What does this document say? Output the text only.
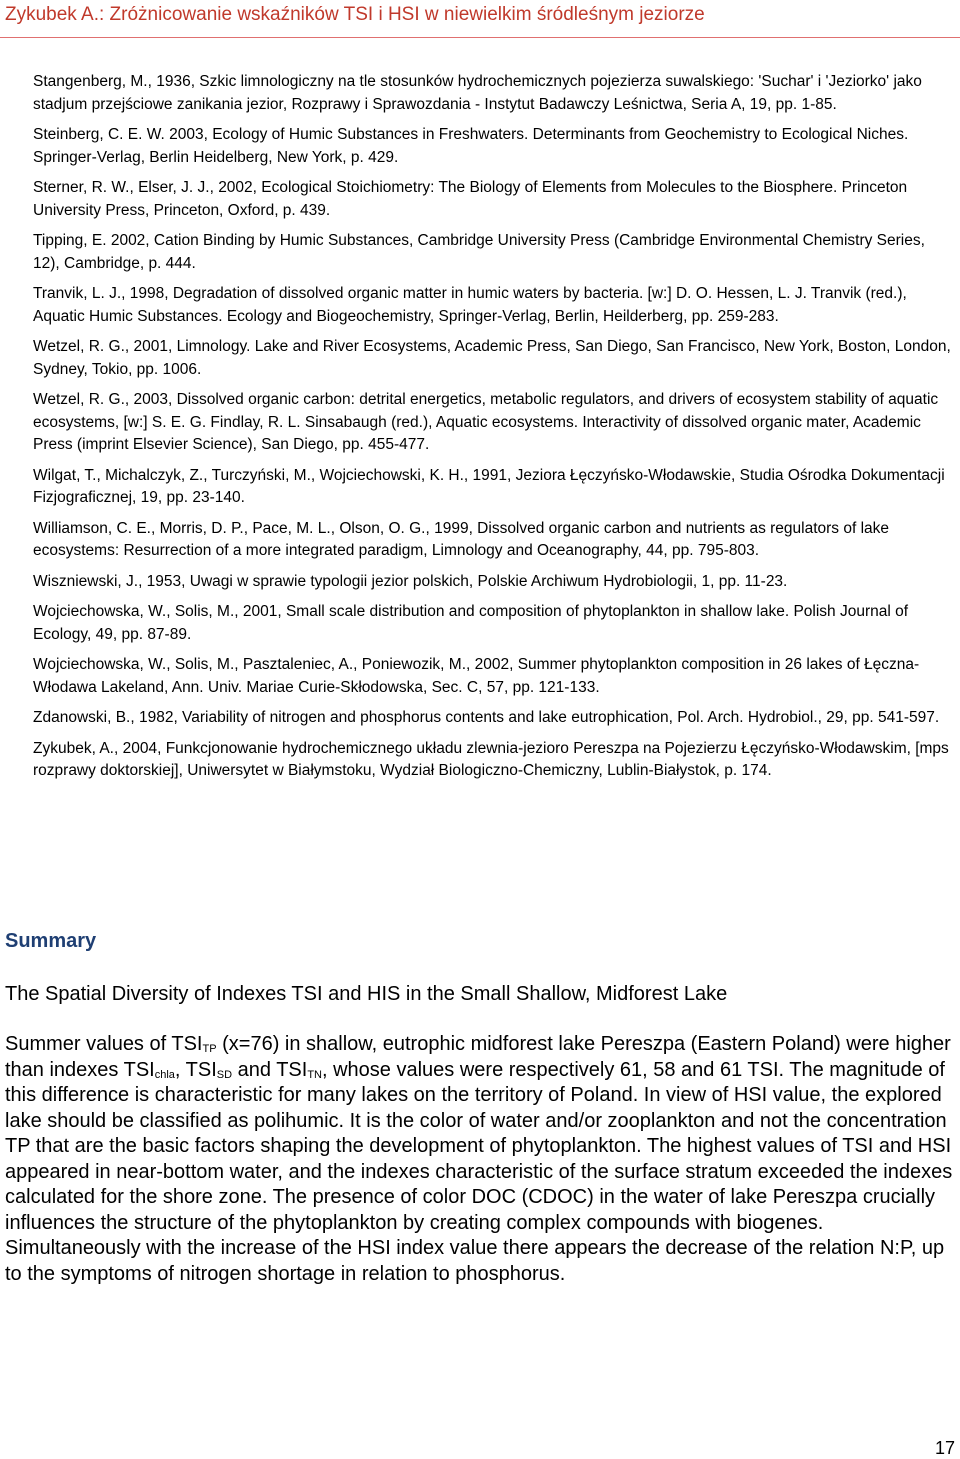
Zykubek A.: Zróżnicowanie wskaźników TSI i HSI w niewielkim śródleśnym jeziorze

Stangenberg, M., 1936, Szkic limnologiczny na tle stosunków hydrochemicznych pojezierza suwalskiego: 'Suchar' i 'Jeziorko' jako stadjum przejściowe zanikania jezior, Rozprawy i Sprawozdania - Instytut Badawczy Leśnictwa, Seria A, 19, pp. 1-85.

Steinberg, C. E. W. 2003, Ecology of Humic Substances in Freshwaters. Determinants from Geochemistry to Ecological Niches. Springer-Verlag, Berlin Heidelberg, New York, p. 429.

Sterner, R. W., Elser, J. J., 2002, Ecological Stoichiometry: The Biology of Elements from Molecules to the Biosphere. Princeton University Press, Princeton, Oxford, p. 439.

Tipping, E. 2002, Cation Binding by Humic Substances, Cambridge University Press (Cambridge Environmental Chemistry Series, 12), Cambridge, p. 444.

Tranvik, L. J., 1998, Degradation of dissolved organic matter in humic waters by bacteria. [w:] D. O. Hessen, L. J. Tranvik (red.), Aquatic Humic Substances. Ecology and Biogeochemistry, Springer-Verlag, Berlin, Heilderberg, pp. 259-283.

Wetzel, R. G., 2001, Limnology. Lake and River Ecosystems, Academic Press, San Diego, San Francisco, New York, Boston, London, Sydney, Tokio, pp. 1006.

Wetzel, R. G., 2003, Dissolved organic carbon: detrital energetics, metabolic regulators, and drivers of ecosystem stability of aquatic ecosystems, [w:] S. E. G. Findlay, R. L. Sinsabaugh (red.), Aquatic ecosystems. Interactivity of dissolved organic mater, Academic Press (imprint Elsevier Science), San Diego, pp. 455-477.

Wilgat, T., Michalczyk, Z., Turczyński, M., Wojciechowski, K. H., 1991, Jeziora Łęczyńsko-Włodawskie, Studia Ośrodka Dokumentacji Fizjograficznej, 19, pp. 23-140.

Williamson, C. E., Morris, D. P., Pace, M. L., Olson, O. G., 1999, Dissolved organic carbon and nutrients as regulators of lake ecosystems: Resurrection of a more integrated paradigm, Limnology and Oceanography, 44, pp. 795-803.

Wiszniewski, J., 1953, Uwagi w sprawie typologii jezior polskich, Polskie Archiwum Hydrobiologii, 1, pp. 11-23.

Wojciechowska, W., Solis, M., 2001, Small scale distribution and composition of phytoplankton in shallow lake. Polish Journal of Ecology, 49, pp. 87-89.

Wojciechowska, W., Solis, M., Pasztaleniec, A., Poniewozik, M., 2002, Summer phytoplankton composition in 26 lakes of Łęczna-Włodawa Lakeland, Ann. Univ. Mariae Curie-Skłodowska, Sec. C, 57, pp. 121-133.

Zdanowski, B., 1982, Variability of nitrogen and phosphorus contents and lake eutrophication, Pol. Arch. Hydrobiol., 29, pp. 541-597.

Zykubek, A., 2004, Funkcjonowanie hydrochemicznego układu zlewnia-jezioro Pereszpa na Pojezierzu Łęczyńsko-Włodawskim, [mps rozprawy doktorskiej], Uniwersytet w Białymstoku, Wydział Biologiczno-Chemiczny, Lublin-Białystok, p. 174.

Summary

The Spatial Diversity of Indexes TSI and HIS in the Small Shallow, Midforest Lake

Summer values of $TSI_{TP}$ (x=76) in shallow, eutrophic midforest lake Pereszpa (Eastern Poland) were higher than indexes $TSI_{chla}$, $TSI_{SD}$ and $TSI_{TN}$, whose values were respectively 61, 58 and 61 TSI. The magnitude of this difference is characteristic for many lakes on the territory of Poland. In view of HSI value, the explored lake should be classified as polihumic. It is the color of water and/or zooplankton and not the concentration TP that are the basic factors shaping the development of phytoplankton. The highest values of TSI and HSI appeared in near-bottom water, and the indexes characteristic of the surface stratum exceeded the indexes calculated for the shore zone. The presence of color DOC (CDOC) in the water of lake Pereszpa crucially influences the structure of the phytoplankton by creating complex compounds with biogenes. Simultaneously with the increase of the HSI index value there appears the decrease of the relation N:P, up to the symptoms of nitrogen shortage in relation to phosphorus.

17
